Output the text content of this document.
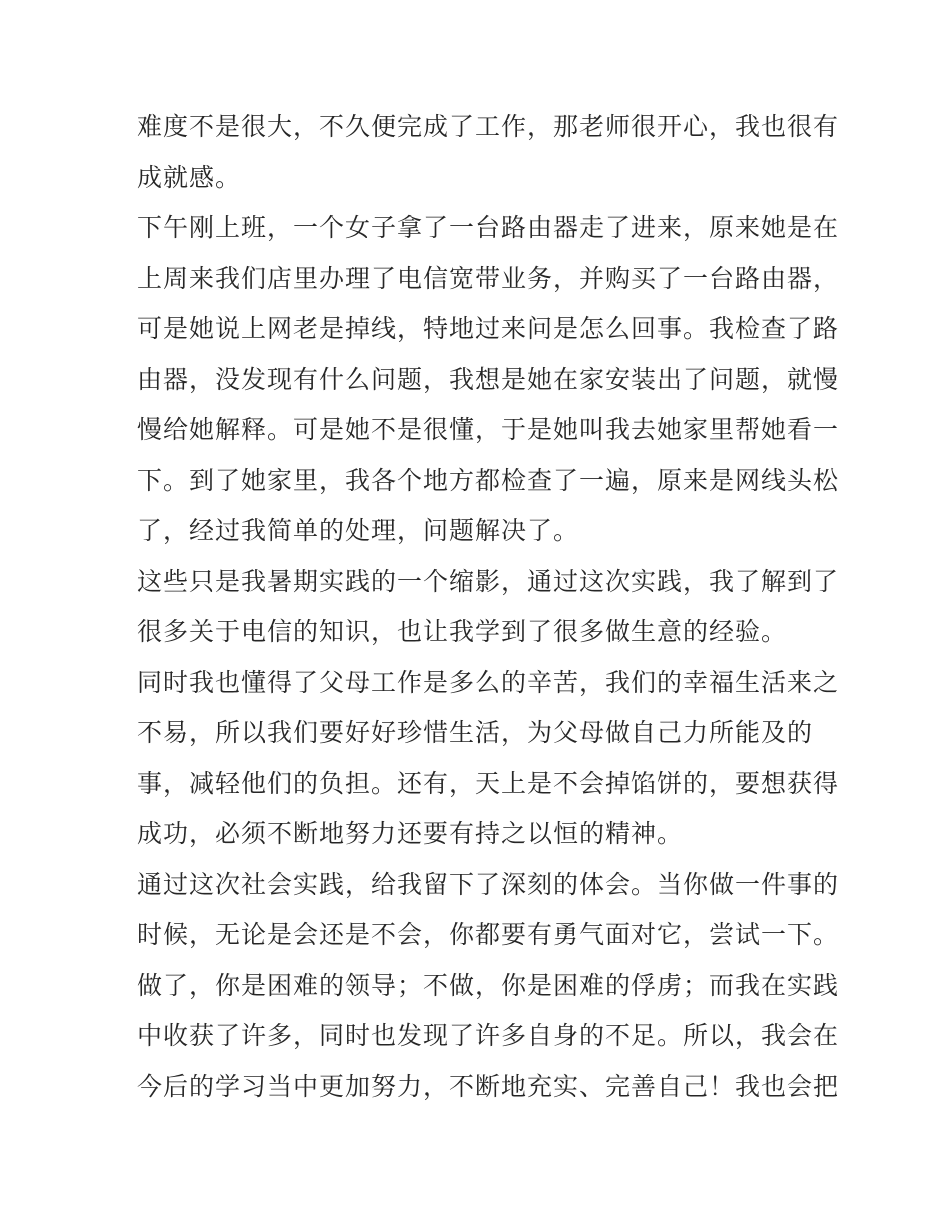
难度不是很大，不久便完成了工作，那老师很开心，我也很有
成就感。
下午刚上班，一个女子拿了一台路由器走了进来，原来她是在
上周来我们店里办理了电信宽带业务，并购买了一台路由器，
可是她说上网老是掉线，特地过来问是怎么回事。我检查了路
由器，没发现有什么问题，我想是她在家安装出了问题，就慢
慢给她解释。可是她不是很懂，于是她叫我去她家里帮她看一
下。到了她家里，我各个地方都检查了一遍，原来是网线头松
了，经过我简单的处理，问题解决了。
这些只是我暑期实践的一个缩影，通过这次实践，我了解到了
很多关于电信的知识，也让我学到了很多做生意的经验。
同时我也懂得了父母工作是多么的辛苦，我们的幸福生活来之
不易，所以我们要好好珍惜生活，为父母做自己力所能及的
事，减轻他们的负担。还有，天上是不会掉馅饼的，要想获得
成功，必须不断地努力还要有持之以恒的精神。
通过这次社会实践，给我留下了深刻的体会。当你做一件事的
时候，无论是会还是不会，你都要有勇气面对它，尝试一下。
做了，你是困难的领导；不做，你是困难的俘虏；而我在实践
中收获了许多，同时也发现了许多自身的不足。所以，我会在
今后的学习当中更加努力，不断地充实、完善自己！我也会把
